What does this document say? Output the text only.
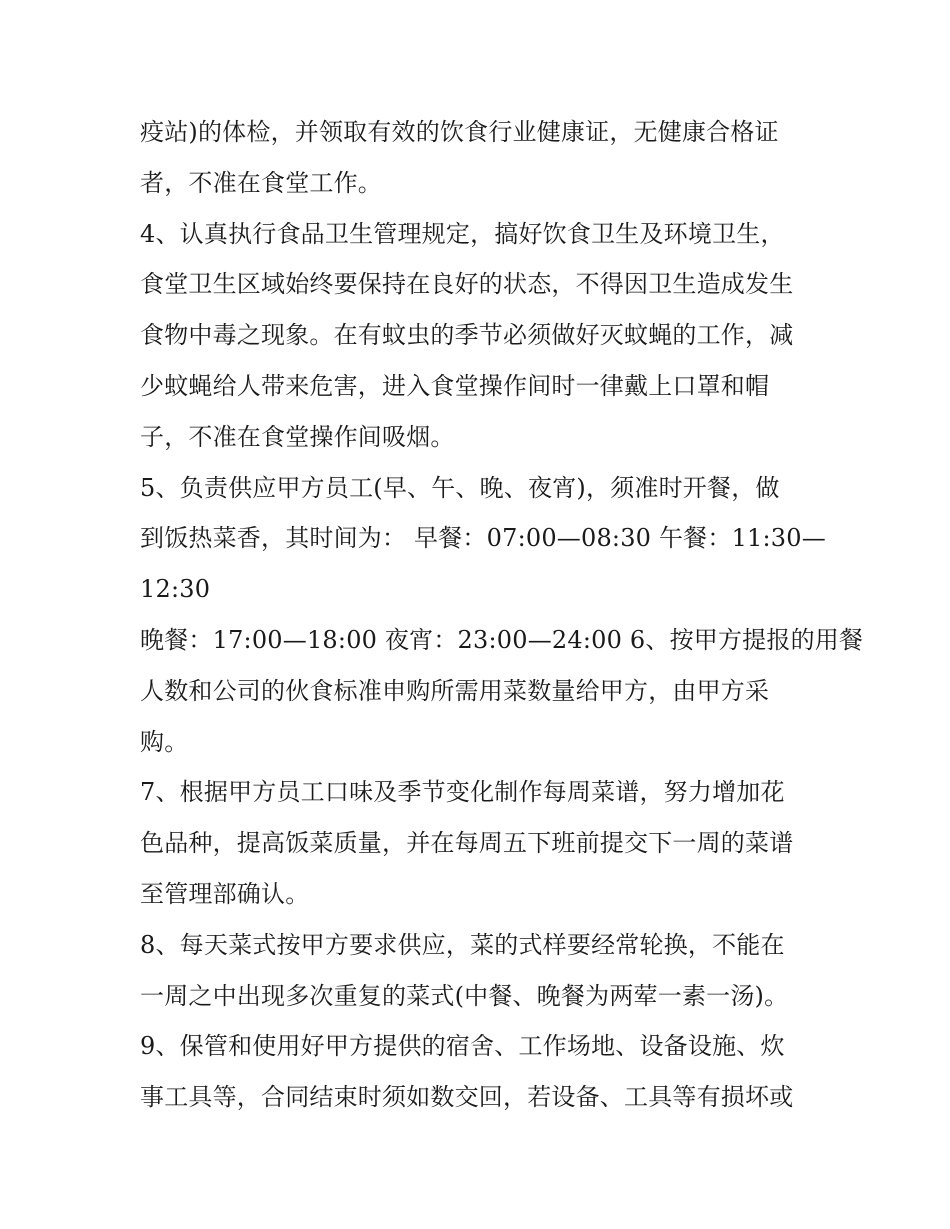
疫站)的体检，并领取有效的饮食行业健康证，无健康合格证
者，不准在食堂工作。
4、认真执行食品卫生管理规定，搞好饮食卫生及环境卫生，
食堂卫生区域始终要保持在良好的状态，不得因卫生造成发生
食物中毒之现象。在有蚊虫的季节必须做好灭蚊蝇的工作，减
少蚊蝇给人带来危害，进入食堂操作间时一律戴上口罩和帽
子，不准在食堂操作间吸烟。
5、负责供应甲方员工(早、午、晚、夜宵)，须准时开餐，做
到饭热菜香，其时间为： 早餐：07:00—08:30 午餐：11:30—
12:30
晚餐：17:00—18:00 夜宵：23:00—24:00 6、按甲方提报的用餐
人数和公司的伙食标准申购所需用菜数量给甲方，由甲方采
购。
7、根据甲方员工口味及季节变化制作每周菜谱，努力增加花
色品种，提高饭菜质量，并在每周五下班前提交下一周的菜谱
至管理部确认。
8、每天菜式按甲方要求供应，菜的式样要经常轮换，不能在
一周之中出现多次重复的菜式(中餐、晚餐为两荤一素一汤)。
9、保管和使用好甲方提供的宿舍、工作场地、设备设施、炊
事工具等，合同结束时须如数交回，若设备、工具等有损坏或
